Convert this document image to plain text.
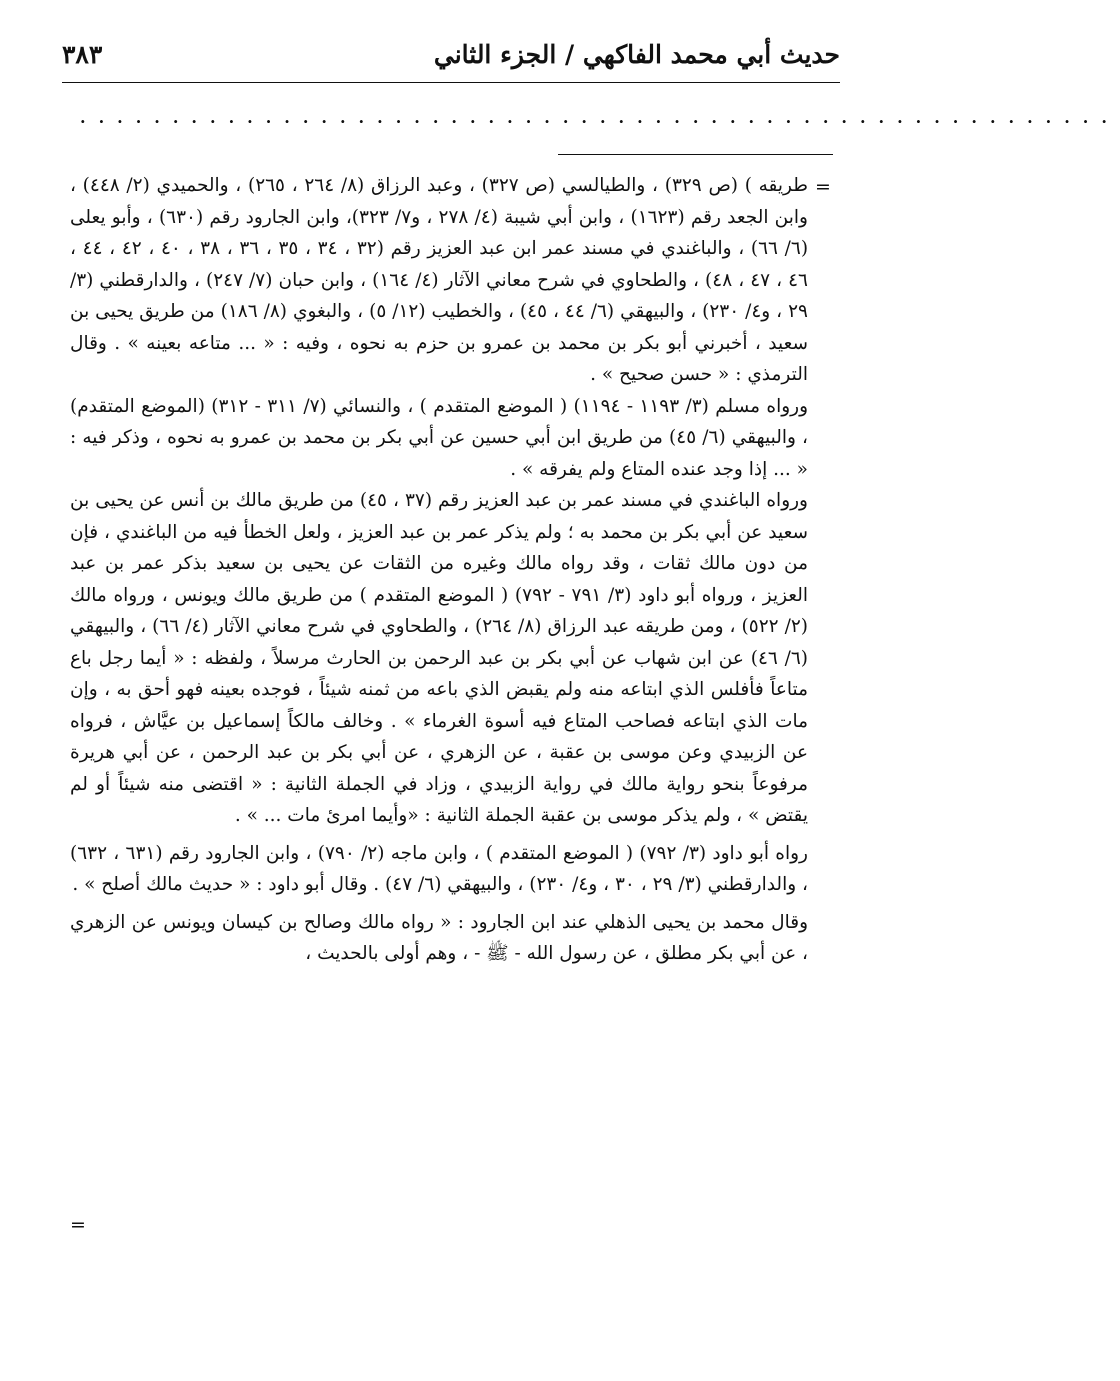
حديث أبي محمد الفاكهي / الجزء الثاني
٣٨٣
........................................................
=

طريقه ) (ص ٣٢٩) ، والطيالسي (ص ٣٢٧) ، وعبد الرزاق (٨/ ٢٦٤ ، ٢٦٥) ، والحميدي (٢/ ٤٤٨) ، وابن الجعد رقم (١٦٢٣) ، وابن أبي شيبة (٤/ ٢٧٨ ، و٧/ ٣٢٣)، وابن الجارود رقم (٦٣٠) ، وأبو يعلى (٦/ ٦٦) ، والباغندي في مسند عمر ابن عبد العزيز رقم (٣٢ ، ٣٤ ، ٣٥ ، ٣٦ ، ٣٨ ، ٤٠ ، ٤٢ ، ٤٤ ، ٤٦ ، ٤٧ ، ٤٨) ، والطحاوي في شرح معاني الآثار (٤/ ١٦٤) ، وابن حبان (٧/ ٢٤٧) ، والدارقطني (٣/ ٢٩ ، و٤/ ٢٣٠) ، والبيهقي (٦/ ٤٤ ، ٤٥) ، والخطيب (١٢/ ٥) ، والبغوي (٨/ ١٨٦) من طريق يحيى بن سعيد ، أخبرني أبو بكر بن محمد بن عمرو بن حزم به نحوه ، وفيه : « ... متاعه بعينه » . وقال الترمذي : « حسن صحيح » .

ورواه مسلم (٣/ ١١٩٣ - ١١٩٤) ( الموضع المتقدم ) ، والنسائي (٧/ ٣١١ - ٣١٢) (الموضع المتقدم) ، والبيهقي (٦/ ٤٥) من طريق ابن أبي حسين عن أبي بكر بن محمد بن عمرو به نحوه ، وذكر فيه : « ... إذا وجد عنده المتاع ولم يفرقه » .

ورواه الباغندي في مسند عمر بن عبد العزيز رقم (٣٧ ، ٤٥) من طريق مالك بن أنس عن يحيى بن سعيد عن أبي بكر بن محمد به ؛ ولم يذكر عمر بن عبد العزيز ، ولعل الخطأ فيه من الباغندي ، فإن من دون مالك ثقات ، وقد رواه مالك وغيره من الثقات عن يحيى بن سعيد بذكر عمر بن عبد العزيز ، ورواه أبو داود (٣/ ٧٩١ - ٧٩٢) ( الموضع المتقدم ) من طريق مالك ويونس ، ورواه مالك (٢/ ٥٢٢) ، ومن طريقه عبد الرزاق (٨/ ٢٦٤) ، والطحاوي في شرح معاني الآثار (٤/ ٦٦) ، والبيهقي (٦/ ٤٦) عن ابن شهاب عن أبي بكر بن عبد الرحمن بن الحارث مرسلاً ، ولفظه : « أيما رجل باع متاعاً فأفلس الذي ابتاعه منه ولم يقبض الذي باعه من ثمنه شيئاً ، فوجده بعينه فهو أحق به ، وإن مات الذي ابتاعه فصاحب المتاع فيه أسوة الغرماء » . وخالف مالكاً إسماعيل بن عيَّاش ، فرواه عن الزبيدي وعن موسى بن عقبة ، عن الزهري ، عن أبي بكر بن عبد الرحمن ، عن أبي هريرة مرفوعاً بنحو رواية مالك في رواية الزبيدي ، وزاد في الجملة الثانية : « اقتضى منه شيئاً أو لم يقتض » ، ولم يذكر موسى بن عقبة الجملة الثانية : «وأيما امرئ مات ... » .

رواه أبو داود (٣/ ٧٩٢) ( الموضع المتقدم ) ، وابن ماجه (٢/ ٧٩٠) ، وابن الجارود رقم (٦٣١ ، ٦٣٢) ، والدارقطني (٣/ ٢٩ ، ٣٠ ، و٤/ ٢٣٠) ، والبيهقي (٦/ ٤٧) . وقال أبو داود : « حديث مالك أصلح » .

وقال محمد بن يحيى الذهلي عند ابن الجارود : « رواه مالك وصالح بن كيسان ويونس عن الزهري ، عن أبي بكر مطلق ، عن رسول الله - ﷺ - ، وهم أولى بالحديث ،

=
